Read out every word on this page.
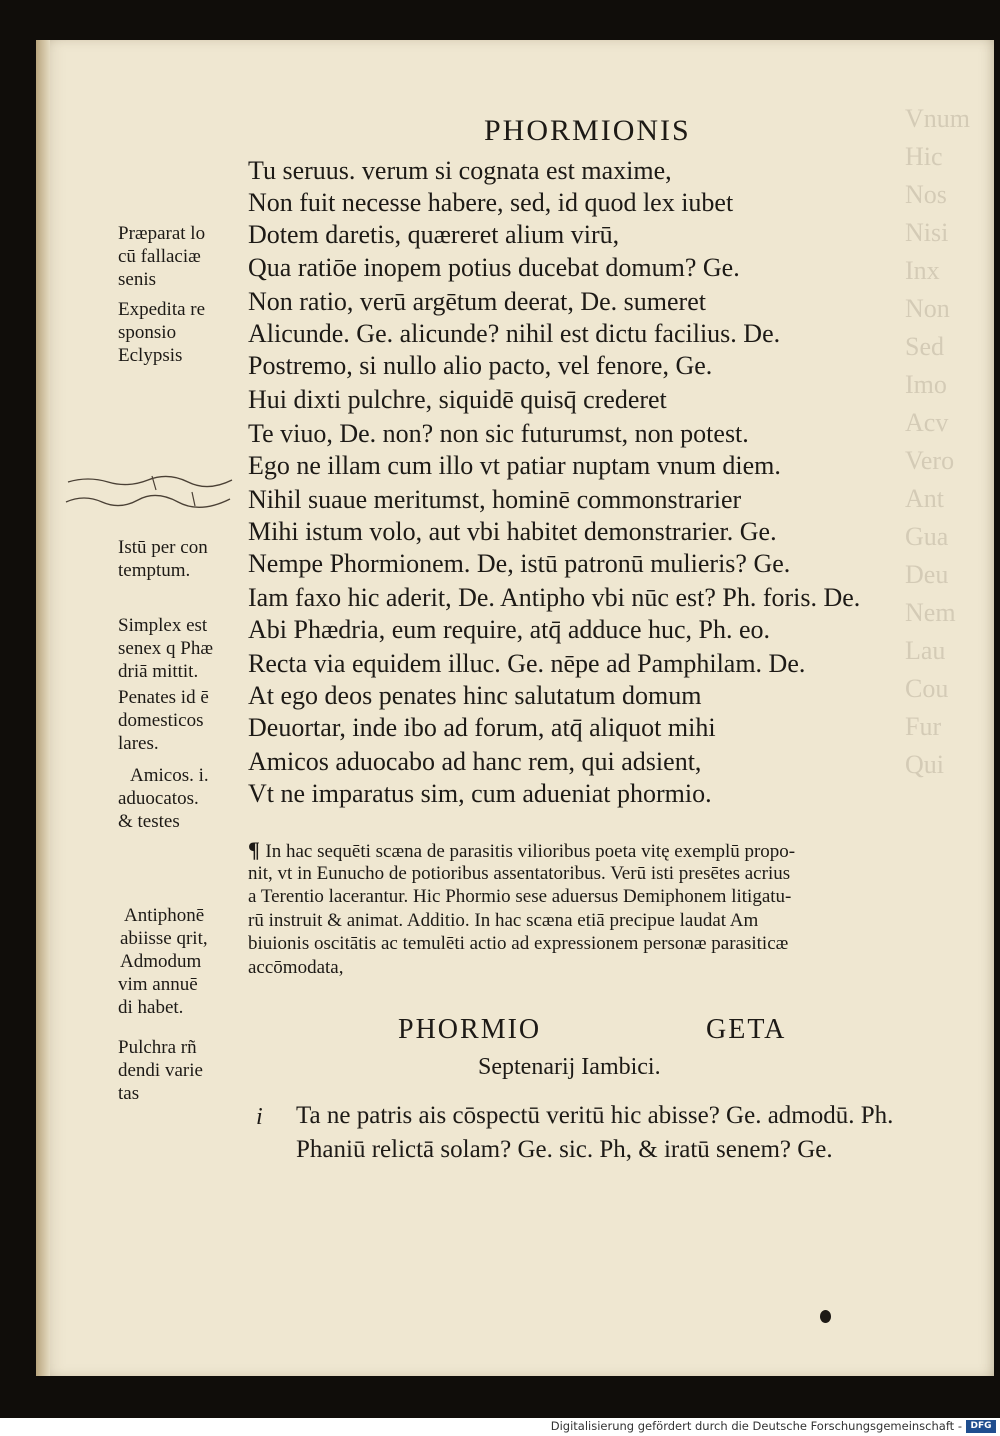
Vnum
Hic
Nos
Nisi
Inx
Non
Sed
Imo
Acv
Vero
Ant
Gua
Deu
Nem
Lau
Cou
Fur
Qui
PHORMIONIS
Tu seruus. verum si cognata est maxime,
Non fuit necesse habere, sed, id quod lex iubet
Dotem daretis, quæreret alium virū,
Qua ratiōe inopem potius ducebat domum? Ge.
Non ratio, verū argētum deerat, De. sumeret
Alicunde. Ge. alicunde? nihil est dictu facilius. De.
Postremo, si nullo alio pacto, vel fenore, Ge.
Hui dixti pulchre, siquidē quisq̄ crederet
Te viuo, De. non? non sic futurumst, non potest.
Ego ne illam cum illo vt patiar nuptam vnum diem.
Nihil suaue meritumst, hominē commonstrarier
Mihi istum volo, aut vbi habitet demonstrarier. Ge.
Nempe Phormionem. De, istū patronū mulieris? Ge.
Iam faxo hic aderit, De. Antipho vbi nūc est? Ph. foris. De.
Abi Phædria, eum require, atq̄ adduce huc, Ph. eo.
Recta via equidem illuc. Ge. nēpe ad Pamphilam. De.
At ego deos penates hinc salutatum domum
Deuortar, inde ibo ad forum, atq̄ aliquot mihi
Amicos aduocabo ad hanc rem, qui adsient,
Vt ne imparatus sim, cum adueniat phormio.
Præparat lo
cū fallaciæ
senis
Expedita re
sponsio
Eclypsis
Istū per con
temptum.
Simplex est
senex q Phæ
driā mittit.
Penates id ē
domesticos
lares.
Amicos. i.
aduocatos.
& testes
Antiphonē
abiisse qrit,
Admodum
vim annuē
di habet.
Pulchra rñ
dendi varie
tas
¶ In hac sequēti scæna de parasitis vilioribus poeta vitę exemplū propo-
nit, vt in Eunucho de potioribus assentatoribus. Verū isti presētes acrius
a Terentio lacerantur. Hic Phormio sese aduersus Demiphonem litigatu-
rū instruit & animat. Additio. In hac scæna etiā precipue laudat Am
biuionis oscitātis ac temulēti actio ad expressionem personæ parasiticæ
accōmodata,
PHORMIO	GETA
Septenarij Iambici.
i Ta ne patris ais cōspectū veritū hic abisse? Ge. admodū. Ph.
Phaniū relictā solam? Ge. sic. Ph, & iratū senem? Ge.
Digitalisierung gefördert durch die Deutsche Forschungsgemeinschaft - DFG
